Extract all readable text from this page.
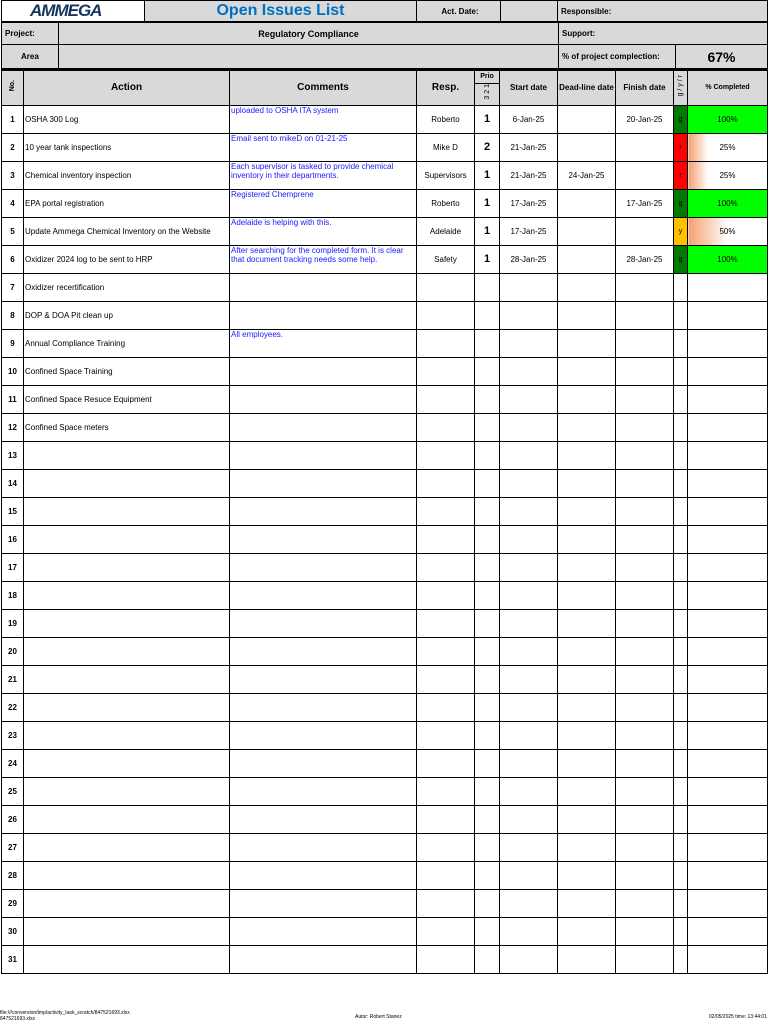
AMMEGA	Open Issues List	Act. Date:		Responsible:
Project:	Regulatory Compliance	Support:	
Area		% of project complection:	67%
No.	Action	Comments	Resp.	Prio	Start date	Dead-line date	Finish date	g / y / r	% Completed
				3 2 1					
1	OSHA 300 Log	uploaded to OSHA ITA system	Roberto	1	6-Jan-25		20-Jan-25	g	100%
2	10 year tank inspections	Email sent to mikeD on 01-21-25	Mike D	2	21-Jan-25			r	25%
3	Chemical inventory inspection	Each supervisor is tasked to provide chemical inventory in their departments.	Supervisors	1	21-Jan-25	24-Jan-25		r	25%
4	EPA portal registration	Registered Chemprene	Roberto	1	17-Jan-25		17-Jan-25	g	100%
5	Update Ammega Chemical Inventory on the Website	Adelaide is helping with this.	Adelaide	1	17-Jan-25			y	50%
6	Oxidizer 2024 log to be sent to HRP	After searching for the completed form. It is clear that document tracking needs some help.	Safety	1	28-Jan-25		28-Jan-25	g	100%
7	Oxidizer recertification								
8	DOP & DOA Pit clean up								
9	Annual Compliance Training	All employees.							
10	Confined Space Training								
11	Confined Space Resuce Equipment								
12	Confined Space meters								
13									
14									
15									
16									
17									
18									
19									
20									
21									
22									
23									
24									
25									
26									
27									
28									
29									
30									
31									
file:///conversion/tmp/activity_task_scratch/847521693.xlsx
847521693.xlsx	Autor: Robert Stanez	02/05/2025 time: 13:44:01
